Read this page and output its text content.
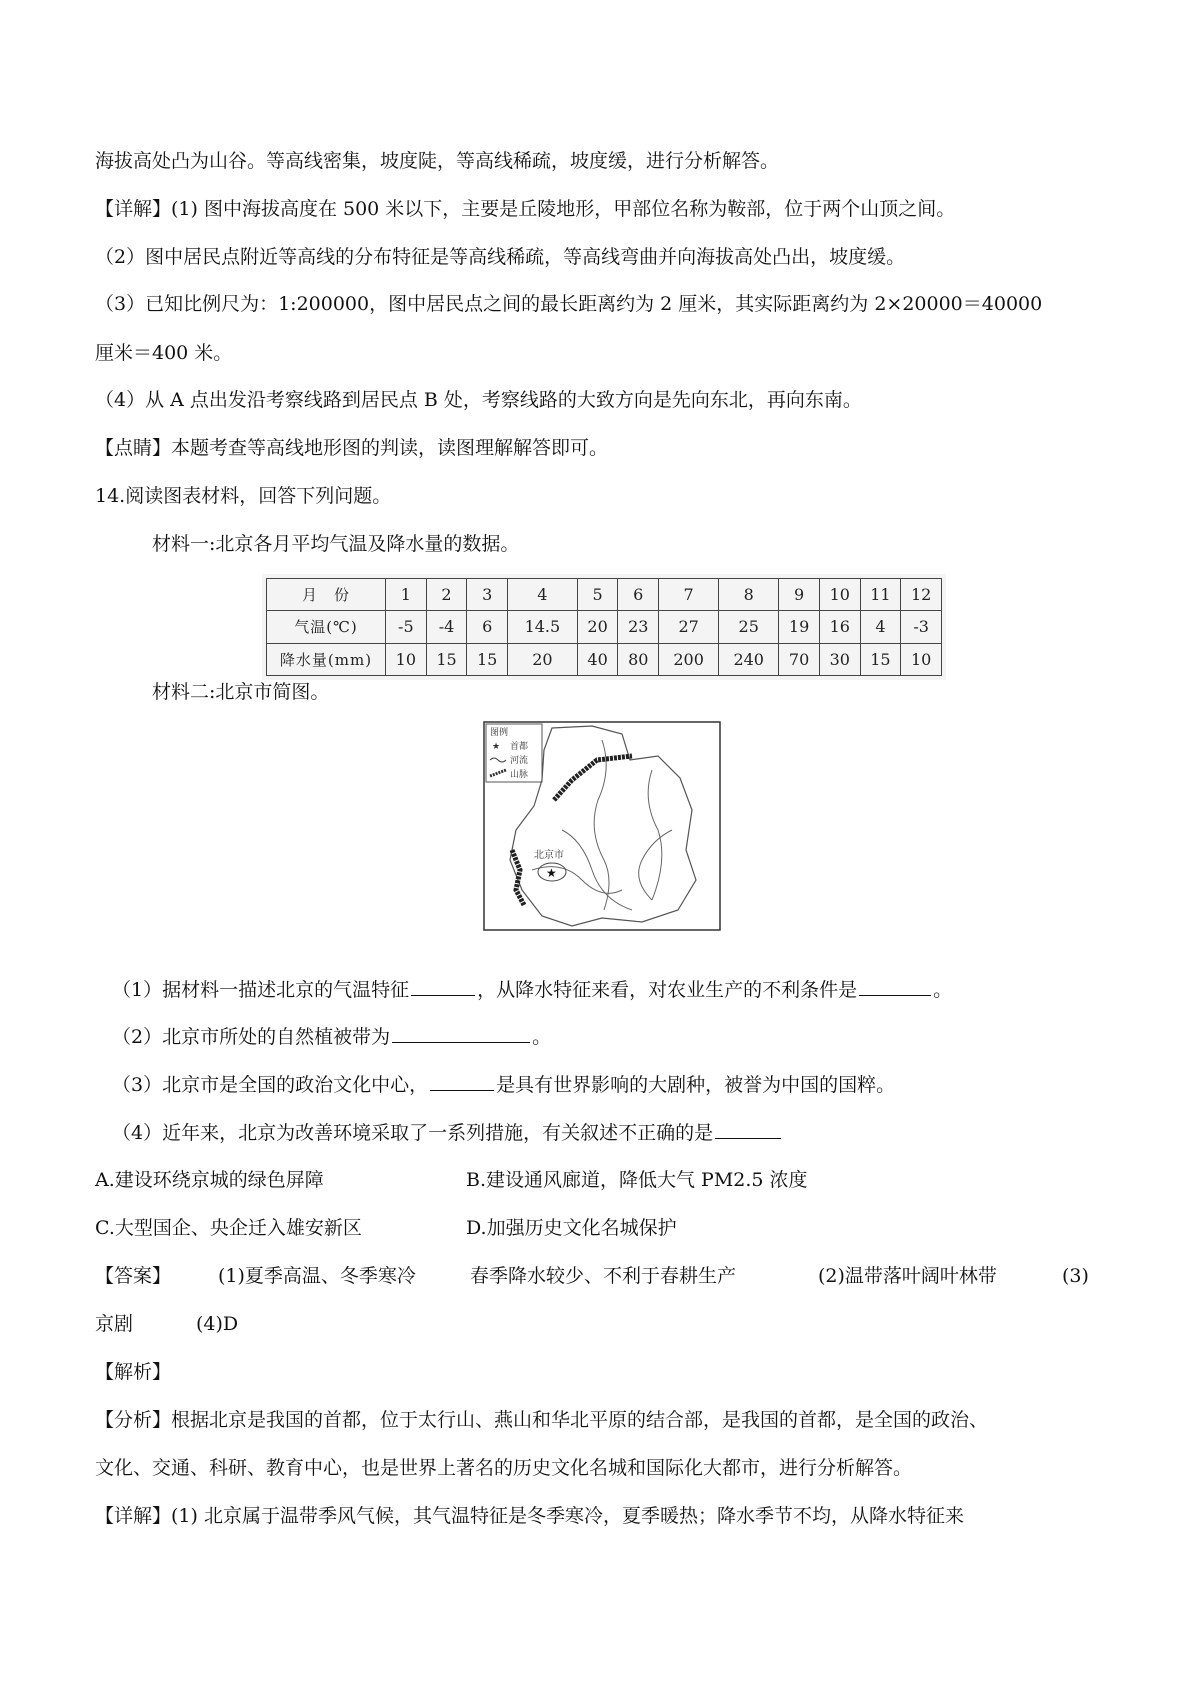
海拔高处凸为山谷。等高线密集，坡度陡，等高线稀疏，坡度缓，进行分析解答。
【详解】(1) 图中海拔高度在 500 米以下，主要是丘陵地形，甲部位名称为鞍部，位于两个山顶之间。
（2）图中居民点附近等高线的分布特征是等高线稀疏，等高线弯曲并向海拔高处凸出，坡度缓。
（3）已知比例尺为：1:200000，图中居民点之间的最长距离约为 2 厘米，其实际距离约为 2×20000＝40000
厘米＝400 米。
（4）从 A 点出发沿考察线路到居民点 B 处，考察线路的大致方向是先向东北，再向东南。
【点睛】本题考查等高线地形图的判读，读图理解解答即可。
14.阅读图表材料，回答下列问题。
材料一:北京各月平均气温及降水量的数据。
月　份	1	2	3	4	5	6	7	8	9	10	11	12
气温(℃)	-5	-4	6	14.5	20	23	27	25	19	16	4	-3
降水量(mm)	10	15	15	20	40	80	200	240	70	30	15	10
材料二:北京市简图。
图例
★ 首都
河流
山脉
北京市
★
（1）据材料一描述北京的气温特征	，从降水特征来看，对农业生产的不利条件是	。
（2）北京市所处的自然植被带为	。
（3）北京市是全国的政治文化中心，	是具有世界影响的大剧种，被誉为中国的国粹。
（4）近年来，北京为改善环境采取了一系列措施，有关叙述不正确的是
A.建设环绕京城的绿色屏障	B.建设通风廊道，降低大气 PM2.5 浓度
C.大型国企、央企迁入雄安新区	D.加强历史文化名城保护
【答案】 (1)夏季高温、冬季寒冷	春季降水较少、不利于春耕生产	(2)温带落叶阔叶林带	(3)
京剧	(4)D
【解析】
【分析】根据北京是我国的首都，位于太行山、燕山和华北平原的结合部，是我国的首都，是全国的政治、
文化、交通、科研、教育中心，也是世界上著名的历史文化名城和国际化大都市，进行分析解答。
【详解】(1) 北京属于温带季风气候，其气温特征是冬季寒冷，夏季暖热；降水季节不均，从降水特征来
